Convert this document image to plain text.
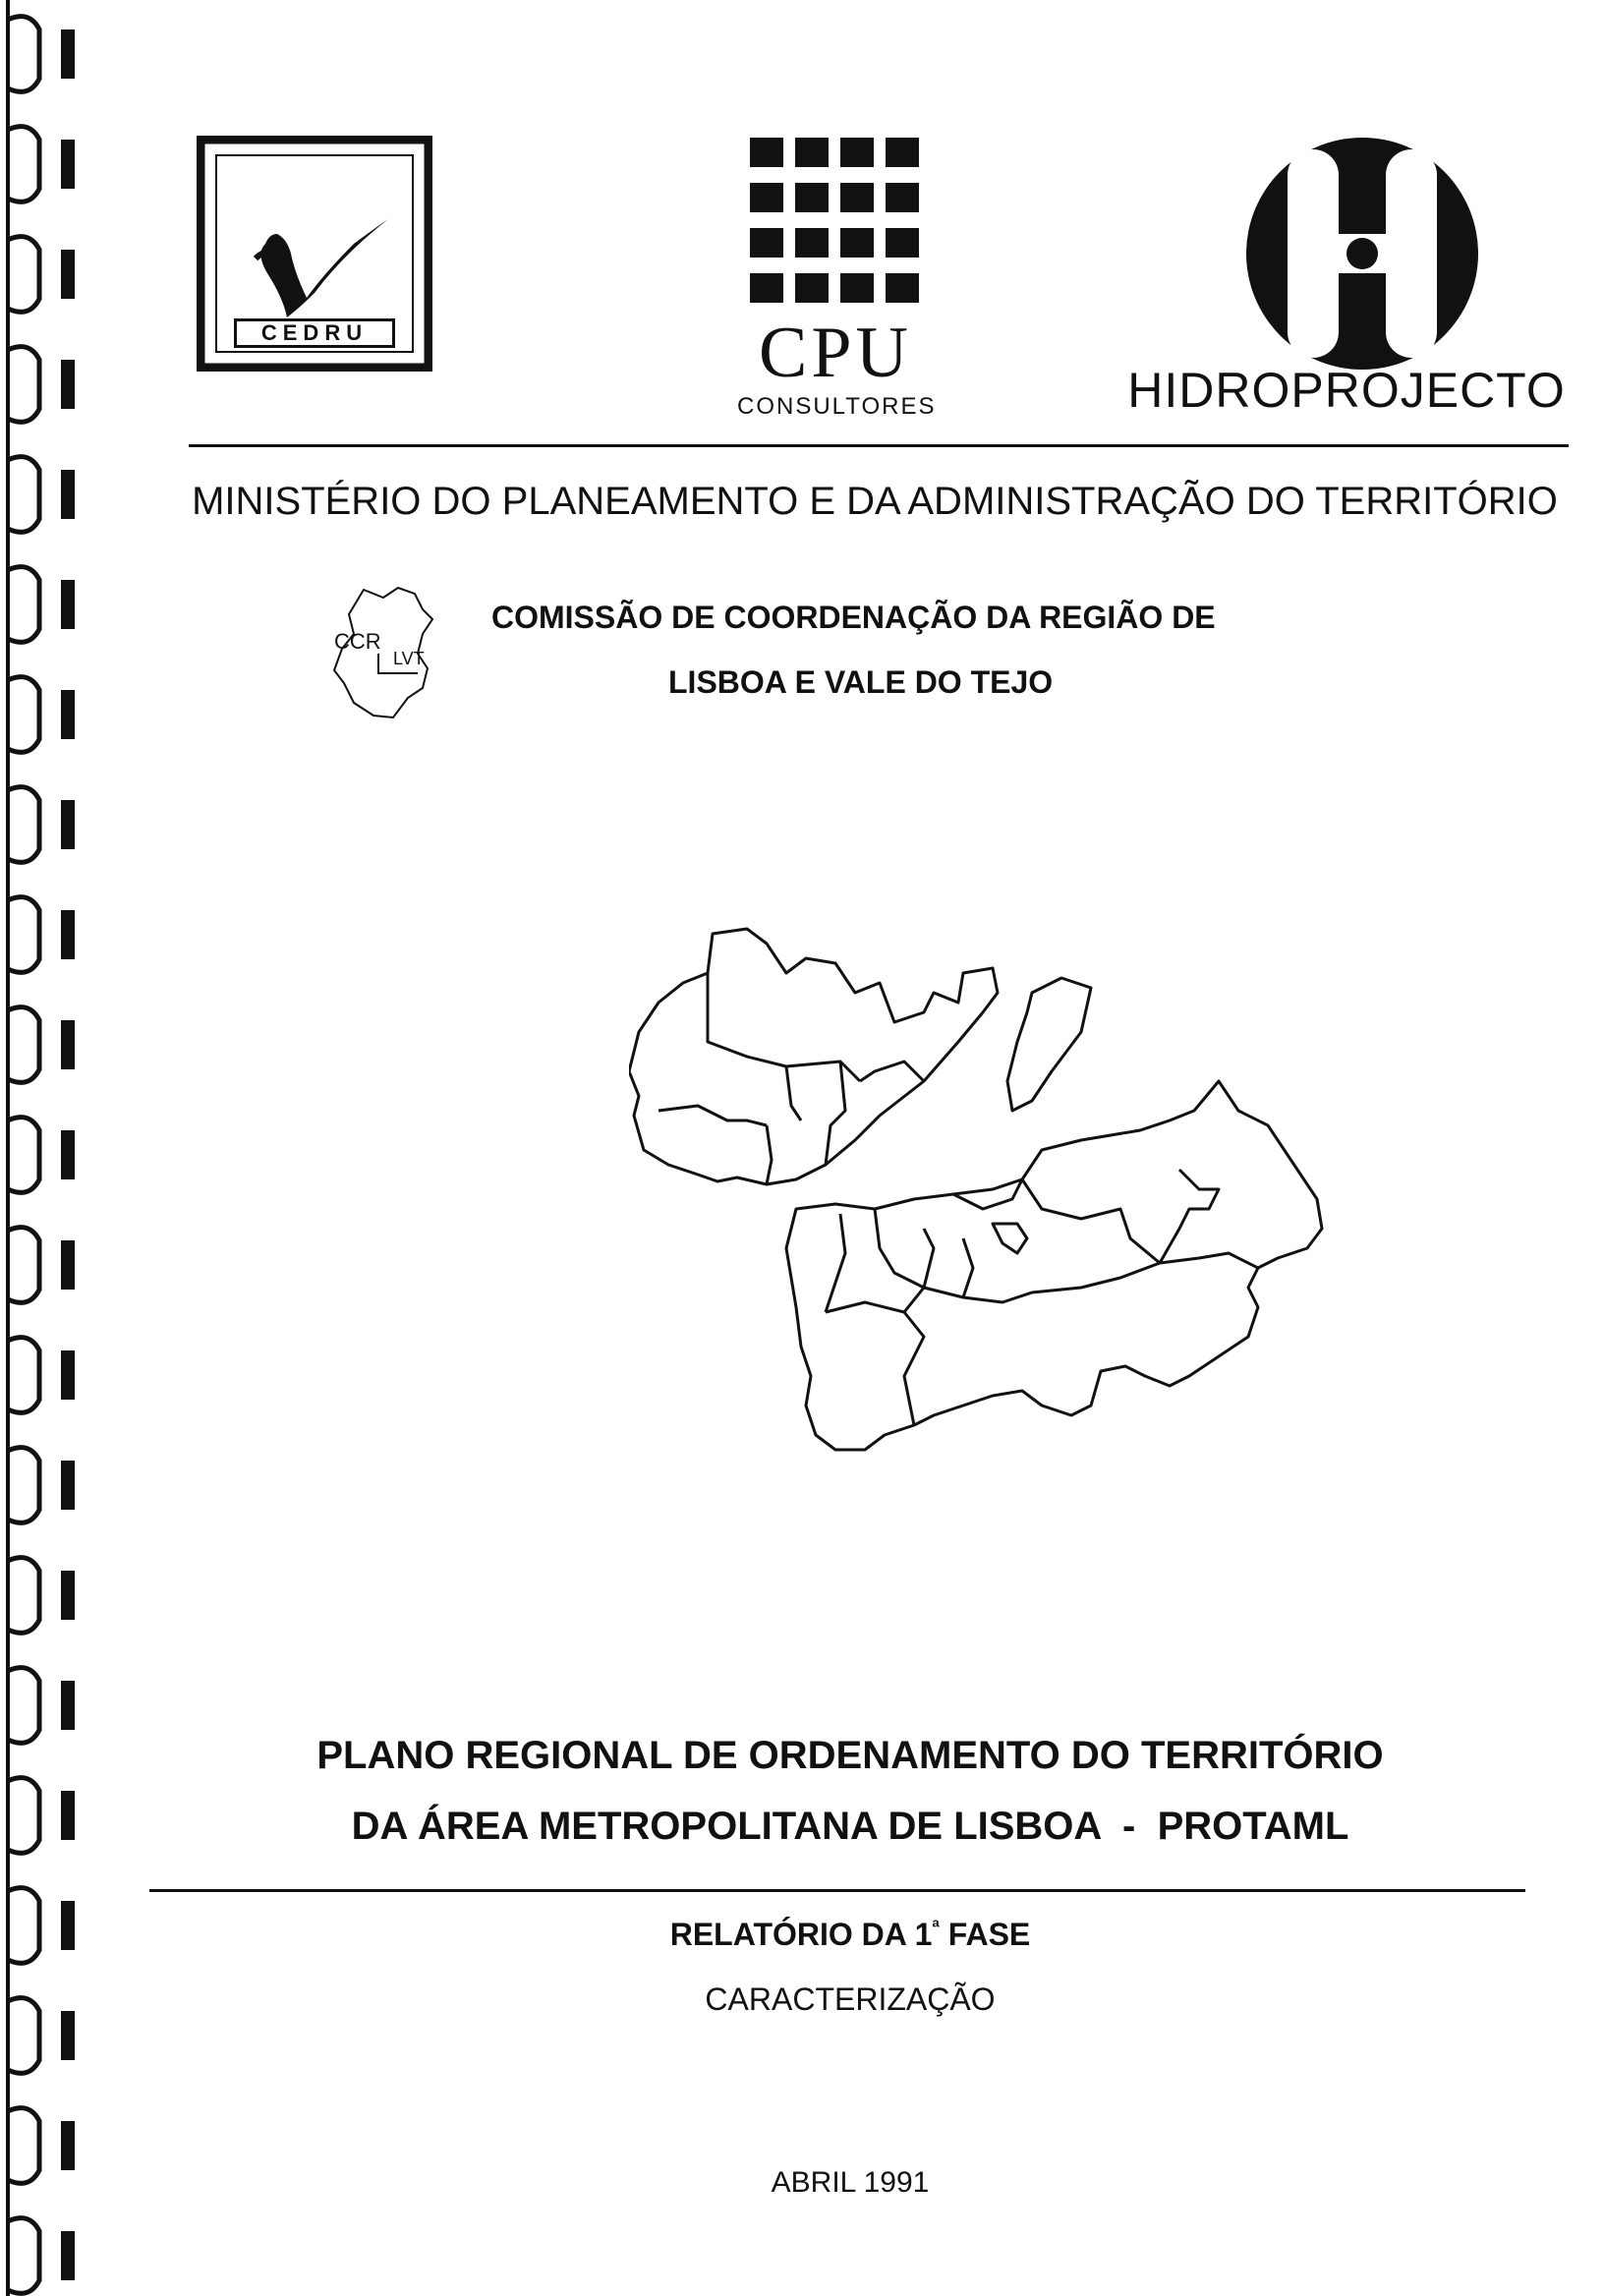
CEDRU	CPU
CONSULTORES	HIDROPROJECTO
MINISTÉRIO DO PLANEAMENTO E DA ADMINISTRAÇÃO DO TERRITÓRIO
CCR
LVT
COMISSÃO DE COORDENAÇÃO DA REGIÃO DE
LISBOA E VALE DO TEJO
PLANO REGIONAL DE ORDENAMENTO DO TERRITÓRIO
DA ÁREA METROPOLITANA DE LISBOA  -  PROTAML
RELATÓRIO DA $1^ª$ FASE
CARACTERIZAÇÃO
ABRIL 1991
